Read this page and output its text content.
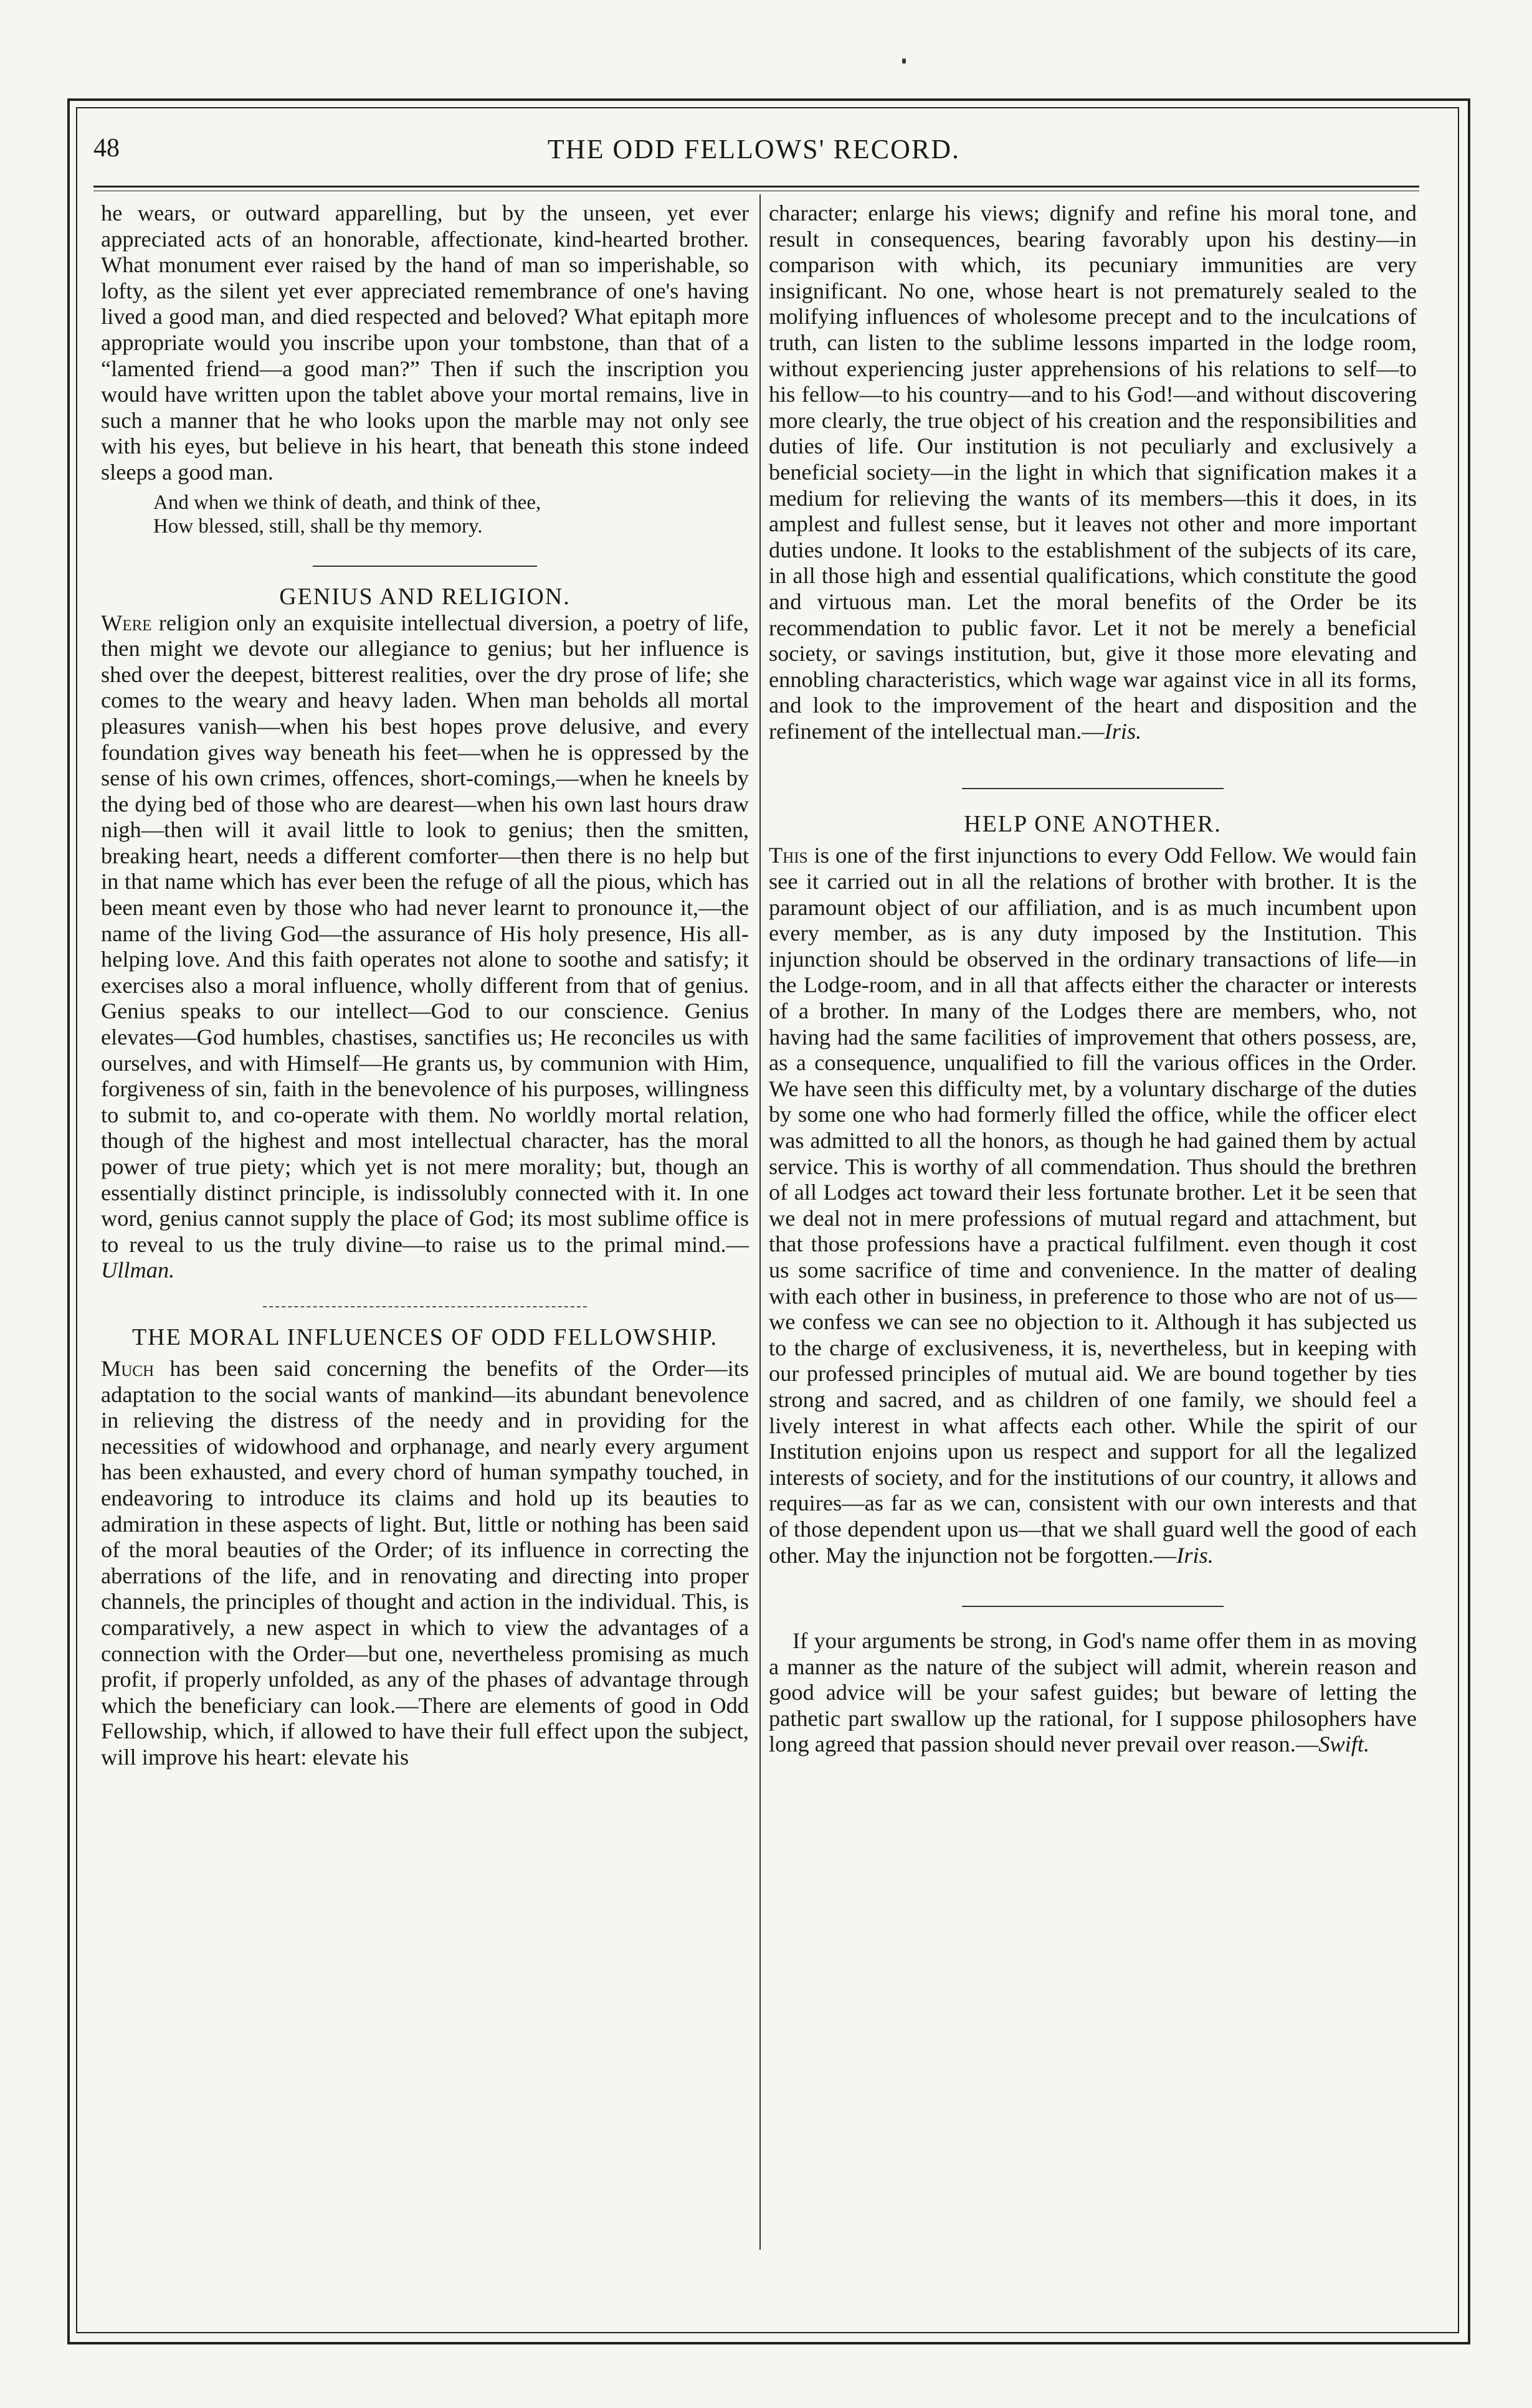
48	THE ODD FELLOWS' RECORD.

he wears, or outward apparelling, but by the unseen, yet ever appreciated acts of an honorable, affectionate, kind-hearted brother. What monument ever raised by the hand of man so imperishable, so lofty, as the silent yet ever appreciated remembrance of one's having lived a good man, and died respected and beloved? What epitaph more appropriate would you inscribe upon your tombstone, than that of a “lamented friend—a good man?” Then if such the inscription you would have written upon the tablet above your mortal remains, live in such a manner that he who looks upon the marble may not only see with his eyes, but believe in his heart, that beneath this stone indeed sleeps a good man.

And when we think of death, and think of thee,
How blessed, still, shall be thy memory.
GENIUS AND RELIGION.

Were religion only an exquisite intellectual diversion, a poetry of life, then might we devote our allegiance to genius; but her influence is shed over the deepest, bitterest realities, over the dry prose of life; she comes to the weary and heavy laden. When man beholds all mortal pleasures vanish—when his best hopes prove delusive, and every foundation gives way beneath his feet—when he is oppressed by the sense of his own crimes, offences, short-comings,—when he kneels by the dying bed of those who are dearest—when his own last hours draw nigh—then will it avail little to look to genius; then the smitten, breaking heart, needs a different comforter—then there is no help but in that name which has ever been the refuge of all the pious, which has been meant even by those who had never learnt to pronounce it,—the name of the living God—the assurance of His holy presence, His all-helping love. And this faith operates not alone to soothe and satisfy; it exercises also a moral influence, wholly different from that of genius. Genius speaks to our intellect—God to our conscience. Genius elevates—God humbles, chastises, sanctifies us; He reconciles us with ourselves, and with Himself—He grants us, by communion with Him, forgiveness of sin, faith in the benevolence of his purposes, willingness to submit to, and co-operate with them. No worldly mortal relation, though of the highest and most intellectual character, has the moral power of true piety; which yet is not mere morality; but, though an essentially distinct principle, is indissolubly connected with it. In one word, genius cannot supply the place of God; its most sublime office is to reveal to us the truly divine—to raise us to the primal mind.—Ullman.

THE MORAL INFLUENCES OF ODD FELLOWSHIP.

Much has been said concerning the benefits of the Order—its adaptation to the social wants of mankind—its abundant benevolence in relieving the distress of the needy and in providing for the necessities of widowhood and orphanage, and nearly every argument has been exhausted, and every chord of human sympathy touched, in endeavoring to introduce its claims and hold up its beauties to admiration in these aspects of light. But, little or nothing has been said of the moral beauties of the Order; of its influence in correcting the aberrations of the life, and in renovating and directing into proper channels, the principles of thought and action in the individual. This, is comparatively, a new aspect in which to view the advantages of a connection with the Order—but one, nevertheless promising as much profit, if properly unfolded, as any of the phases of advantage through which the beneficiary can look.—There are elements of good in Odd Fellowship, which, if allowed to have their full effect upon the subject, will improve his heart: elevate his

character; enlarge his views; dignify and refine his moral tone, and result in consequences, bearing favorably upon his destiny—in comparison with which, its pecuniary immunities are very insignificant. No one, whose heart is not prematurely sealed to the molifying influences of wholesome precept and to the inculcations of truth, can listen to the sublime lessons imparted in the lodge room, without experiencing juster apprehensions of his relations to self—to his fellow—to his country—and to his God!—and without discovering more clearly, the true object of his creation and the responsibilities and duties of life. Our institution is not peculiarly and exclusively a beneficial society—in the light in which that signification makes it a medium for relieving the wants of its members—this it does, in its amplest and fullest sense, but it leaves not other and more important duties undone. It looks to the establishment of the subjects of its care, in all those high and essential qualifications, which constitute the good and virtuous man. Let the moral benefits of the Order be its recommendation to public favor. Let it not be merely a beneficial society, or savings institution, but, give it those more elevating and ennobling characteristics, which wage war against vice in all its forms, and look to the improvement of the heart and disposition and the refinement of the intellectual man.—Iris.

HELP ONE ANOTHER.

This is one of the first injunctions to every Odd Fellow. We would fain see it carried out in all the relations of brother with brother. It is the paramount object of our affiliation, and is as much incumbent upon every member, as is any duty imposed by the Institution. This injunction should be observed in the ordinary transactions of life—in the Lodge-room, and in all that affects either the character or interests of a brother. In many of the Lodges there are members, who, not having had the same facilities of improvement that others possess, are, as a consequence, unqualified to fill the various offices in the Order. We have seen this difficulty met, by a voluntary discharge of the duties by some one who had formerly filled the office, while the officer elect was admitted to all the honors, as though he had gained them by actual service. This is worthy of all commendation. Thus should the brethren of all Lodges act toward their less fortunate brother. Let it be seen that we deal not in mere professions of mutual regard and attachment, but that those professions have a practical fulfilment. even though it cost us some sacrifice of time and convenience. In the matter of dealing with each other in business, in preference to those who are not of us—we confess we can see no objection to it. Although it has subjected us to the charge of exclusiveness, it is, nevertheless, but in keeping with our professed principles of mutual aid. We are bound together by ties strong and sacred, and as children of one family, we should feel a lively interest in what affects each other. While the spirit of our Institution enjoins upon us respect and support for all the legalized interests of society, and for the institutions of our country, it allows and requires—as far as we can, consistent with our own interests and that of those dependent upon us—that we shall guard well the good of each other. May the injunction not be forgotten.—Iris.

If your arguments be strong, in God's name offer them in as moving a manner as the nature of the subject will admit, wherein reason and good advice will be your safest guides; but beware of letting the pathetic part swallow up the rational, for I suppose philosophers have long agreed that passion should never prevail over reason.—Swift.
